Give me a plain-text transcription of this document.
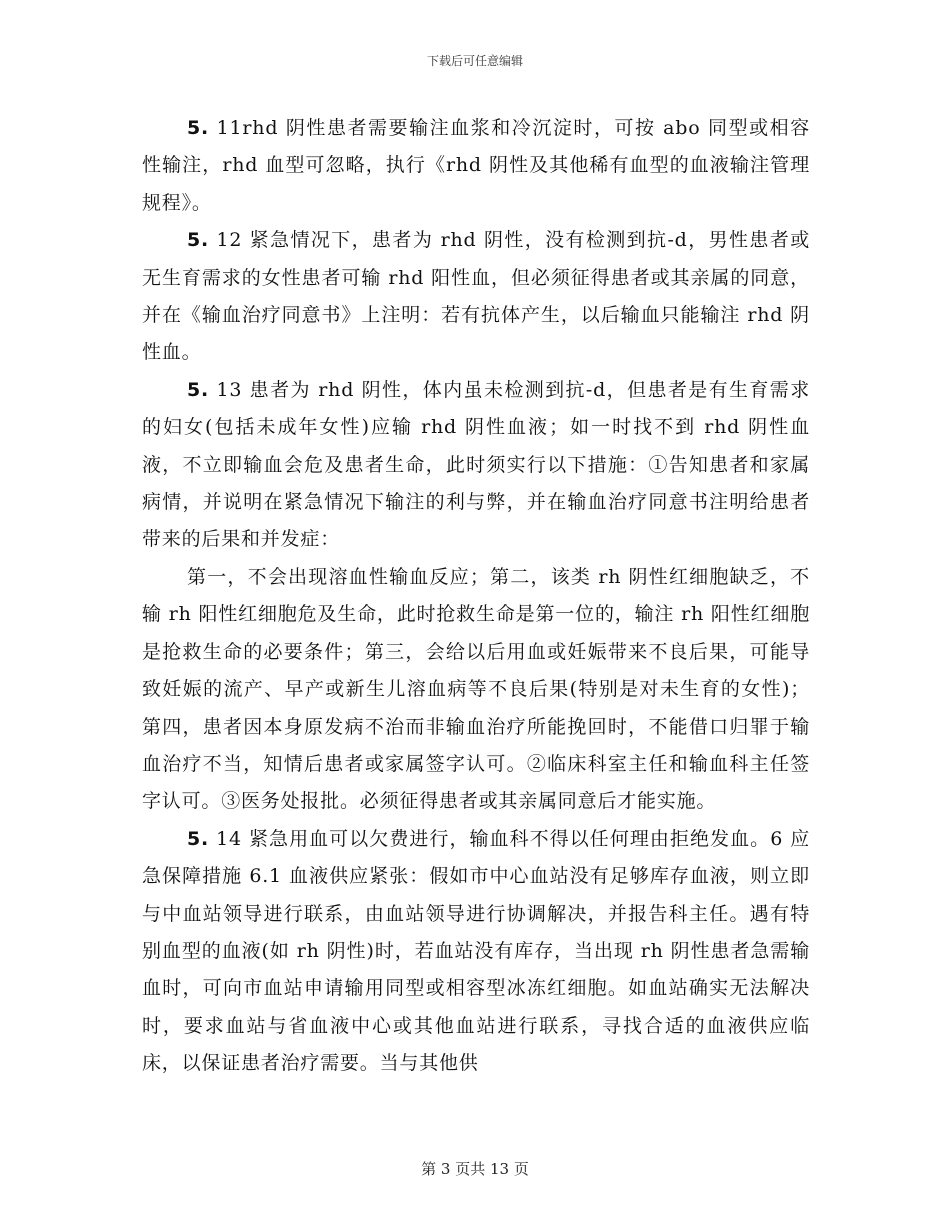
下载后可任意编辑

5. 11rhd 阴性患者需要输注血浆和冷沉淀时，可按 abo 同型或相容性输注，rhd 血型可忽略，执行《rhd 阴性及其他稀有血型的血液输注管理规程》。

5. 12 紧急情况下，患者为 rhd 阴性，没有检测到抗-d，男性患者或无生育需求的女性患者可输 rhd 阳性血，但必须征得患者或其亲属的同意，并在《输血治疗同意书》上注明：若有抗体产生，以后输血只能输注 rhd 阴性血。

5. 13 患者为 rhd 阴性，体内虽未检测到抗-d，但患者是有生育需求的妇女(包括未成年女性)应输 rhd 阴性血液；如一时找不到 rhd 阴性血液，不立即输血会危及患者生命，此时须实行以下措施：①告知患者和家属病情，并说明在紧急情况下输注的利与弊，并在输血治疗同意书注明给患者带来的后果和并发症：

第一，不会出现溶血性输血反应；第二，该类 rh 阴性红细胞缺乏，不输 rh 阳性红细胞危及生命，此时抢救生命是第一位的，输注 rh 阳性红细胞是抢救生命的必要条件；第三，会给以后用血或妊娠带来不良后果，可能导致妊娠的流产、早产或新生儿溶血病等不良后果(特别是对未生育的女性)；第四，患者因本身原发病不治而非输血治疗所能挽回时，不能借口归罪于输血治疗不当，知情后患者或家属签字认可。②临床科室主任和输血科主任签字认可。③医务处报批。必须征得患者或其亲属同意后才能实施。

5. 14 紧急用血可以欠费进行，输血科不得以任何理由拒绝发血。6 应急保障措施 6.1 血液供应紧张：假如市中心血站没有足够库存血液，则立即与中血站领导进行联系，由血站领导进行协调解决，并报告科主任。遇有特别血型的血液(如 rh 阴性)时，若血站没有库存，当出现 rh 阴性患者急需输血时，可向市血站申请输用同型或相容型冰冻红细胞。如血站确实无法解决时，要求血站与省血液中心或其他血站进行联系，寻找合适的血液供应临床，以保证患者治疗需要。当与其他供

第 3 页共 13 页
